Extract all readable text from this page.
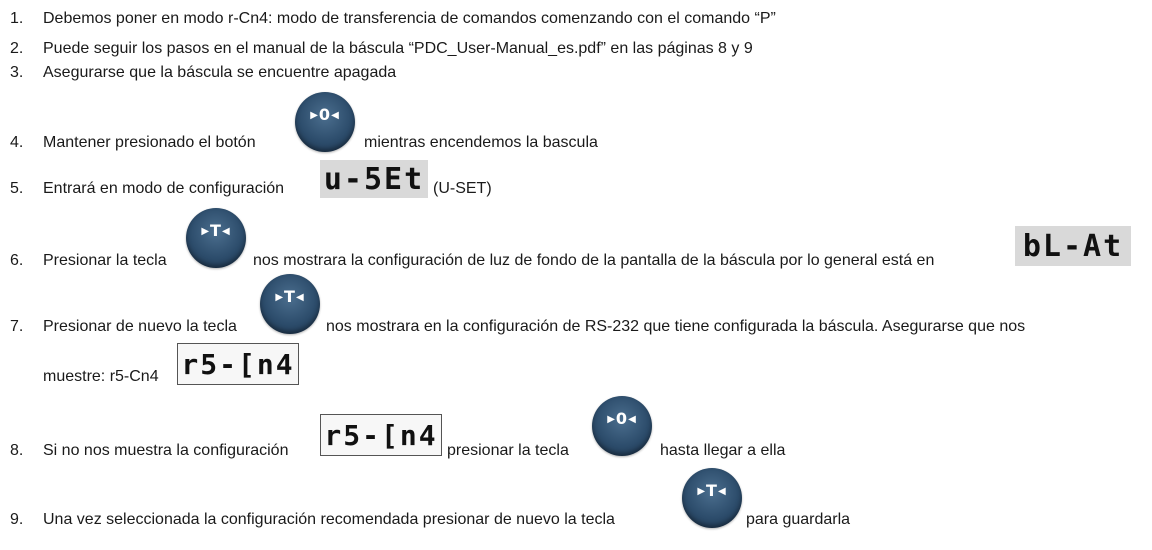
1. Debemos poner en modo r-Cn4: modo de transferencia de comandos comenzando con el comando “P”
2. Puede seguir los pasos en el manual de la báscula “PDC_User-Manual_es.pdf” en las páginas 8 y 9
3. Asegurarse que la báscula se encuentre apagada
4. Mantener presionado el botón	mientras encendemos la bascula
▶0◀
5. Entrará en modo de configuración	(U-SET)
u-5Et
6. Presionar la tecla	nos mostrara la configuración de luz de fondo de la pantalla de la báscula por lo general está en
▶T◀	bL-At
7. Presionar de nuevo la tecla	nos mostrara en la configuración de RS-232 que tiene configurada la báscula. Asegurarse que nos
▶T◀
muestre: r5-Cn4 r5-[n4
8. Si no nos muestra la configuración	presionar la tecla	hasta llegar a ella
r5-[n4	▶0◀
9. Una vez seleccionada la configuración recomendada presionar de nuevo la tecla	para guardarla
▶T◀
